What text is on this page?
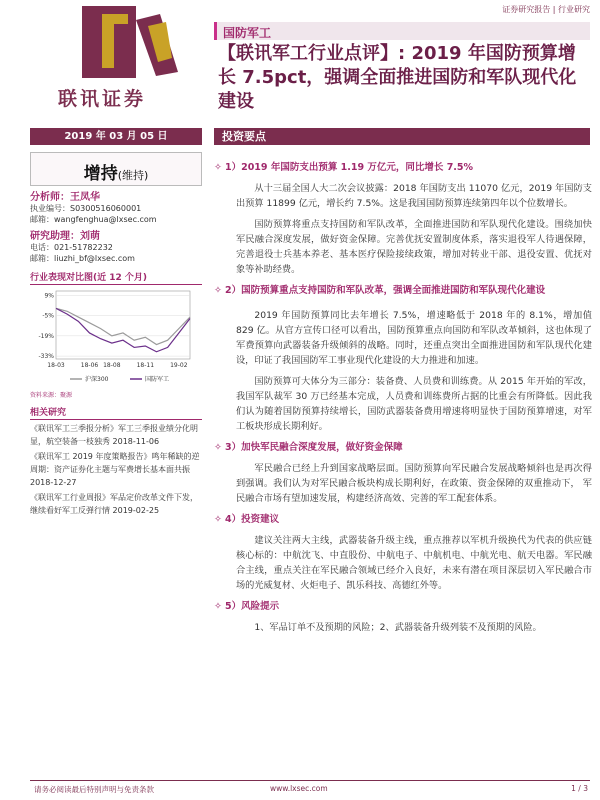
证券研究报告 | 行业研究
联讯证券
国防军工
【联讯军工行业点评】: 2019 年国防预算增长 7.5pct，强调全面推进国防和军队现代化建设
2019 年 03 月 05 日	投资要点
增持(维持)
分析师：王凤华
执业编号：S0300516060001
邮箱：wangfenghua@lxsec.com
研究助理：刘萌
电话：021-51782232
邮箱：liuzhi_bf@lxsec.com
行业表现对比图(近 12 个月)
9%
-5%
-19%
-33%
18-03	18-06 18-08	18-11	19-02
沪深300	国防军工
资料来源：聚源
相关研究
《联讯军工三季报分析》军工三季报业绩分化明显，航空装备一枝独秀 2018-11-06
《联讯军工 2019 年度策略报告》鸣年稀缺的逆周期：资产证券化主题与军费增长基本面共振 2018-12-27
《联讯军工行业周报》军品定价改革文件下发，继续看好军工反弹行情 2019-02-25
✧ 1）2019 年国防支出预算 1.19 万亿元，同比增长 7.5%
从十三届全国人大二次会议披露：2018 年国防支出 11070 亿元，2019 年国防支出预算 11899 亿元，增长约 7.5%。这是我国国防预算连续第四年以个位数增长。
国防预算将重点支持国防和军队改革，全面推进国防和军队现代化建设。围绕加快军民融合深度发展，做好资金保障。完善优抚安置制度体系，落实退役军人待遇保障，完善退役士兵基本养老、基本医疗保险接续政策，增加对转业干部、退役安置、优抚对象等补助经费。
✧ 2）国防预算重点支持国防和军队改革，强调全面推进国防和军队现代化建设
2019 年国防预算同比去年增长 7.5%，增速略低于 2018 年的 8.1%，增加值 829 亿。从官方宣传口径可以看出，国防预算重点向国防和军队改革倾斜，这也体现了军费预算向武器装备升级倾斜的战略。同时，还重点突出全面推进国防和军队现代化建设，印证了我国国防军工事业现代化建设的大力推进和加速。
国防预算可大体分为三部分：装备费、人员费和训练费。从 2015 年开始的军改，我国军队裁军 30 万已经基本完成，人员费和训练费所占据的比重会有所降低。因此我们认为随着国防预算持续增长，国防武器装备费用增速将明显快于国防预算增速，对军工板块形成长期利好。
✧ 3）加快军民融合深度发展，做好资金保障
军民融合已经上升到国家战略层面。国防预算向军民融合发展战略倾斜也是再次得到强调。我们认为对军民融合板块构成长期利好，在政策、资金保障的双重推动下， 军民融合市场有望加速发展，构建经济高效、完善的军工配套体系。
✧ 4）投资建议
建议关注两大主线，武器装备升级主线，重点推荐以军机升级换代为代表的供应链核心标的：中航沈飞、中直股份、中航电子、中航机电、中航光电、航天电器。军民融合主线，重点关注在军民融合领域已经介入良好，未来有潜在项目深层切入军民融合市场的光威复材、火炬电子、凯乐科技、高德红外等。
✧ 5）风险提示
1、军品订单不及预期的风险；2、武器装备升级列装不及预期的风险。
请务必阅读最后特别声明与免责条款	www.lxsec.com	1 / 3
